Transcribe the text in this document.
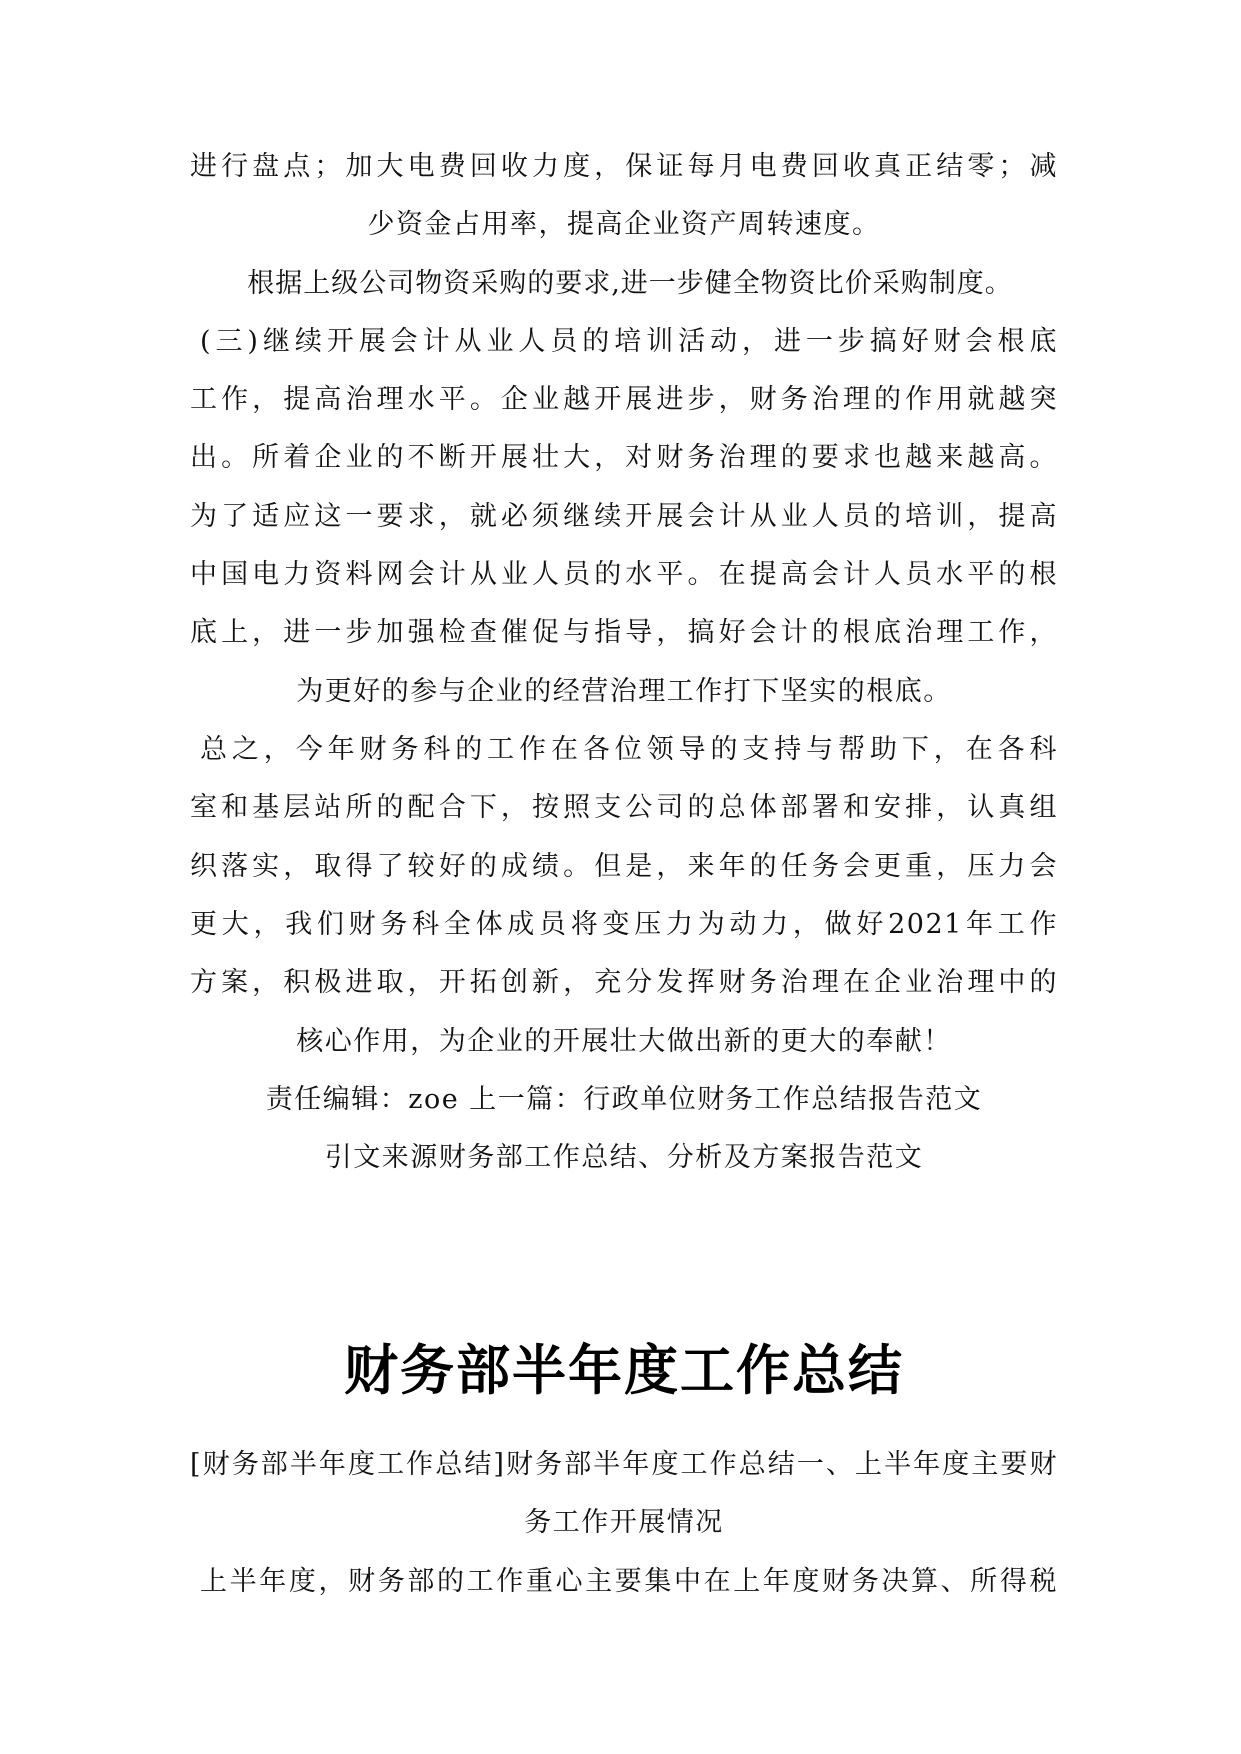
进行盘点；加大电费回收力度，保证每月电费回收真正结零；减
少资金占用率，提高企业资产周转速度。
根据上级公司物资采购的要求,进一步健全物资比价采购制度。
(三)继续开展会计从业人员的培训活动，进一步搞好财会根底
工作，提高治理水平。企业越开展进步，财务治理的作用就越突
出。所着企业的不断开展壮大，对财务治理的要求也越来越高。
为了适应这一要求，就必须继续开展会计从业人员的培训，提高
中国电力资料网会计从业人员的水平。在提高会计人员水平的根
底上，进一步加强检查催促与指导，搞好会计的根底治理工作，
为更好的参与企业的经营治理工作打下坚实的根底。
总之，今年财务科的工作在各位领导的支持与帮助下，在各科
室和基层站所的配合下，按照支公司的总体部署和安排，认真组
织落实，取得了较好的成绩。但是，来年的任务会更重，压力会
更大，我们财务科全体成员将变压力为动力，做好2021年工作
方案，积极进取，开拓创新，充分发挥财务治理在企业治理中的
核心作用，为企业的开展壮大做出新的更大的奉献！
责任编辑：zoe 上一篇：行政单位财务工作总结报告范文
引文来源财务部工作总结、分析及方案报告范文
财务部半年度工作总结
[财务部半年度工作总结]财务部半年度工作总结一、上半年度主要财
务工作开展情况
上半年度，财务部的工作重心主要集中在上年度财务决算、所得税
